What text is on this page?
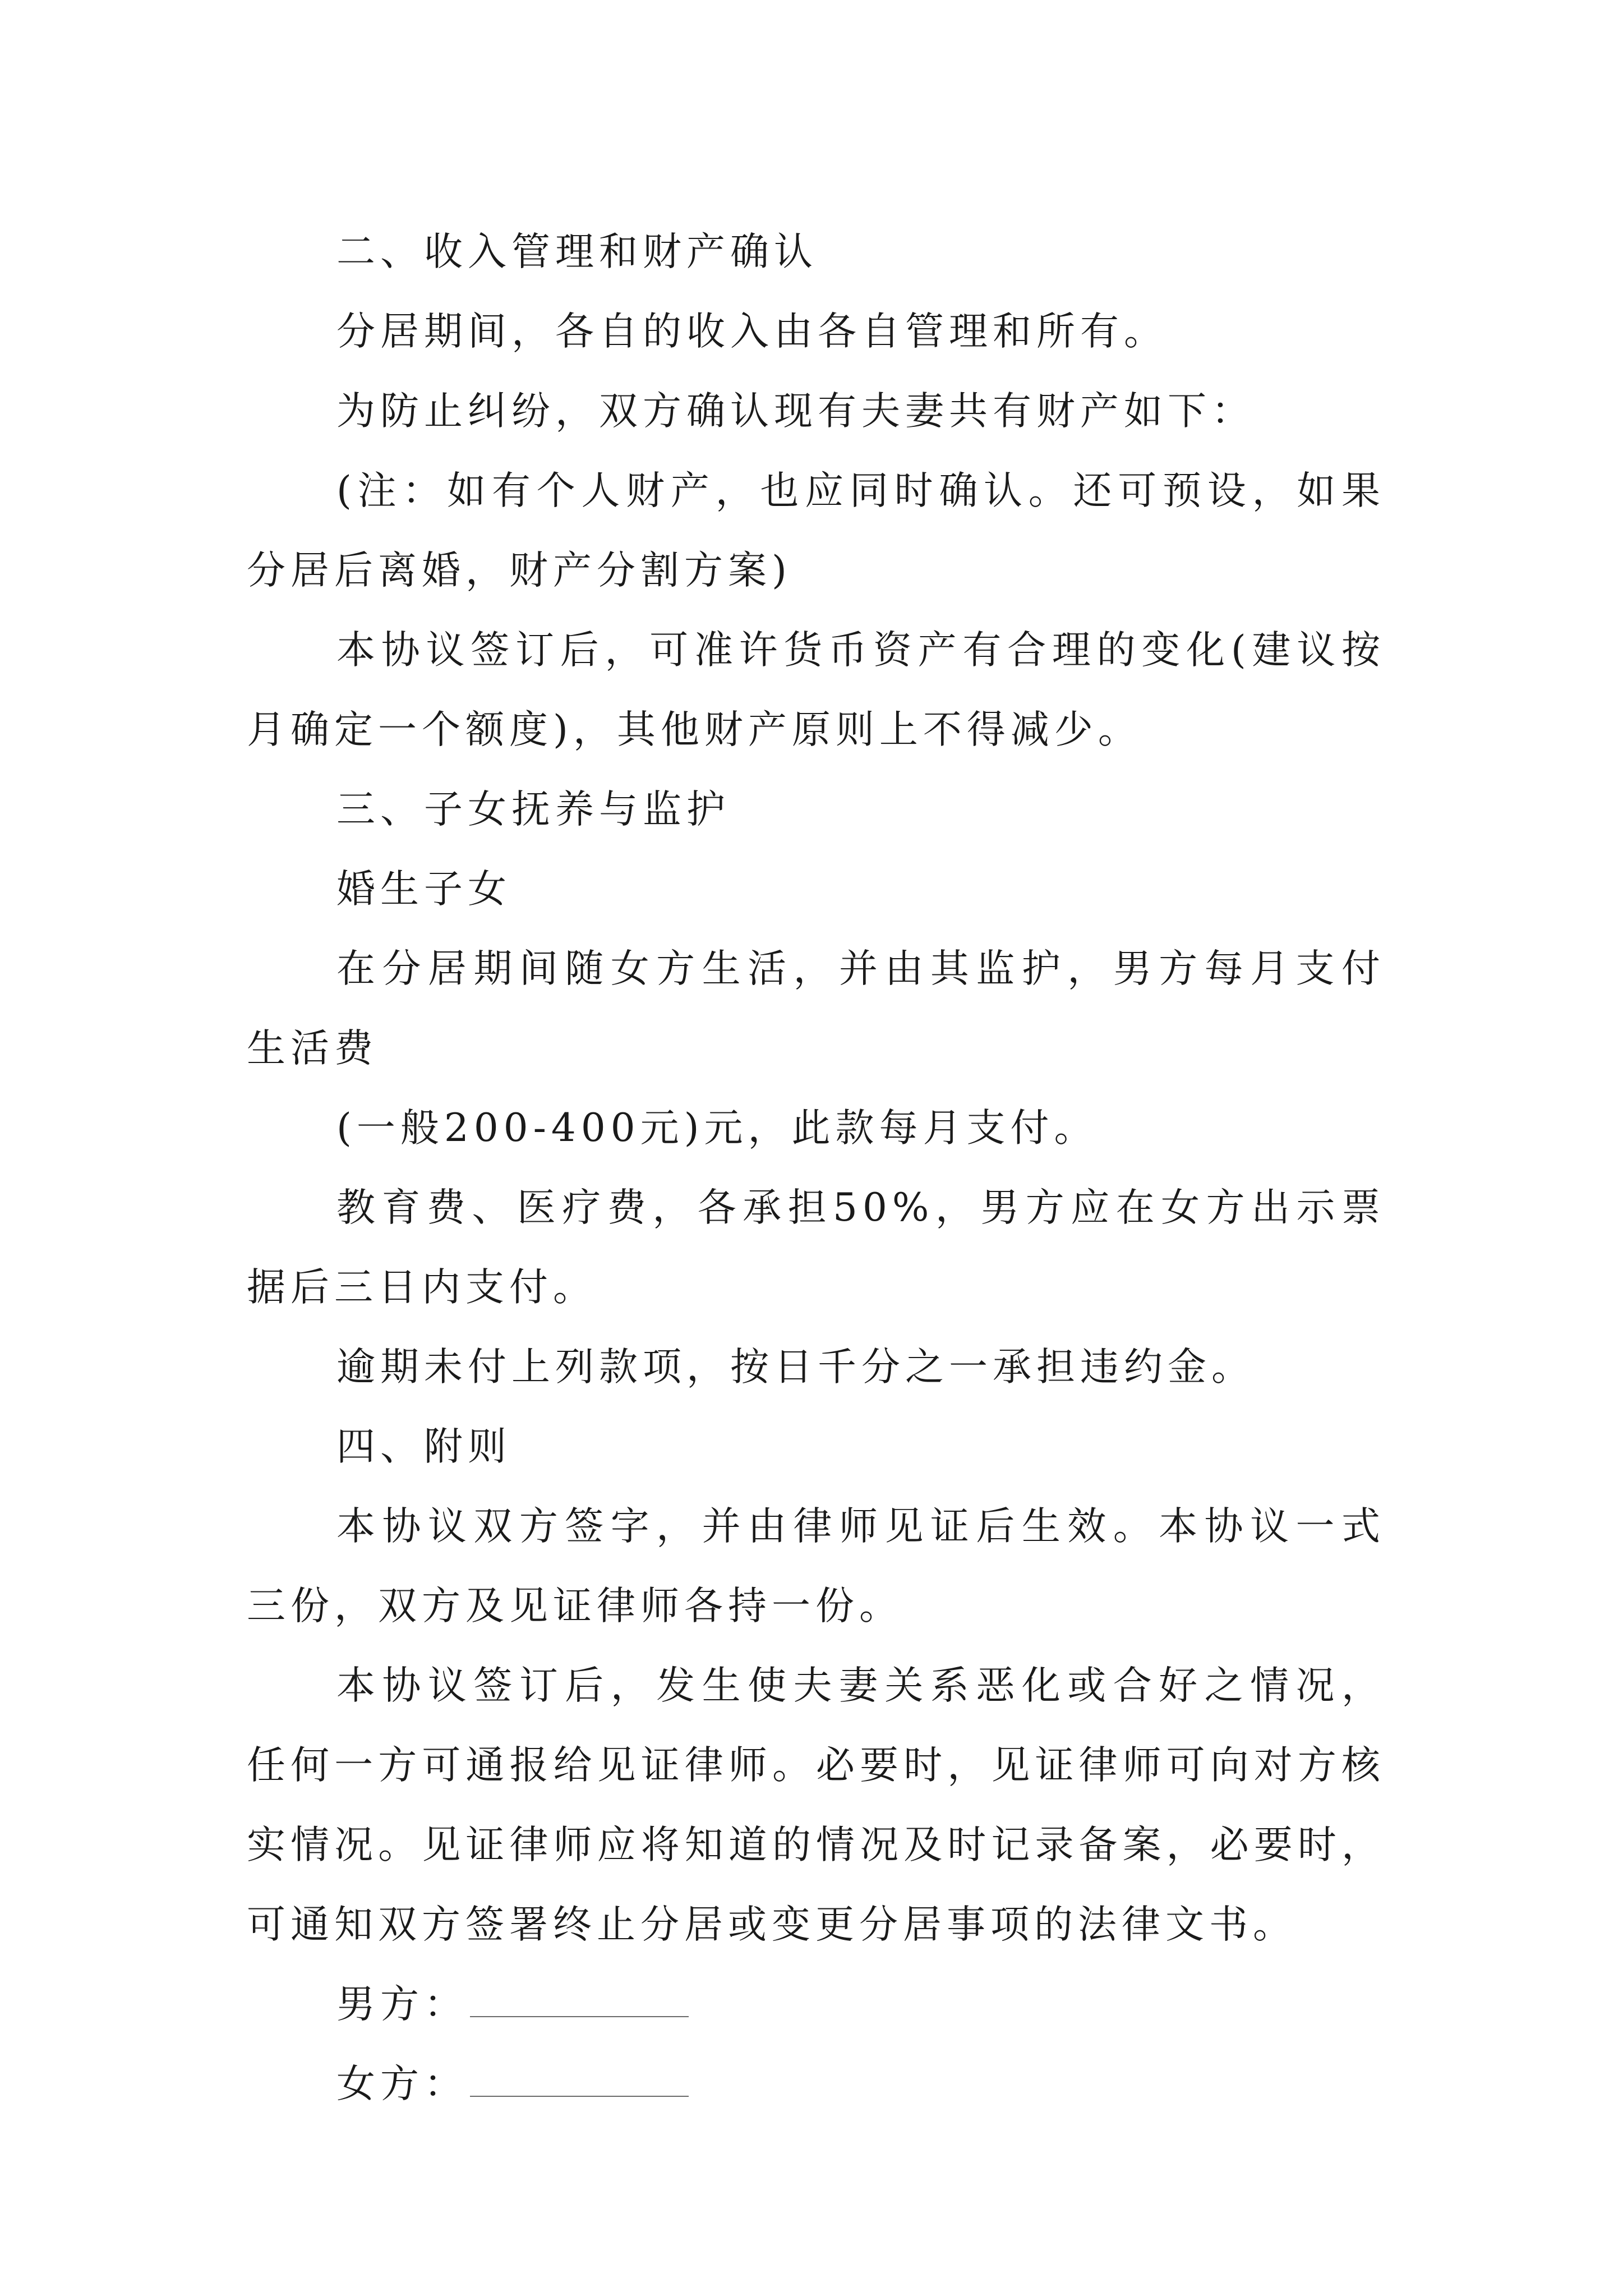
二、收入管理和财产确认

分居期间，各自的收入由各自管理和所有。

为防止纠纷，双方确认现有夫妻共有财产如下：

(注：如有个人财产，也应同时确认。还可预设，如果分居后离婚，财产分割方案)

本协议签订后，可准许货币资产有合理的变化(建议按月确定一个额度)，其他财产原则上不得减少。

三、子女抚养与监护

婚生子女

在分居期间随女方生活，并由其监护，男方每月支付生活费

(一般200-400元)元，此款每月支付。

教育费、医疗费，各承担50%，男方应在女方出示票据后三日内支付。

逾期未付上列款项，按日千分之一承担违约金。

四、附则

本协议双方签字，并由律师见证后生效。本协议一式三份，双方及见证律师各持一份。

本协议签订后，发生使夫妻关系恶化或合好之情况，任何一方可通报给见证律师。必要时，见证律师可向对方核实情况。见证律师应将知道的情况及时记录备案，必要时，可通知双方签署终止分居或变更分居事项的法律文书。

男方：

女方：
